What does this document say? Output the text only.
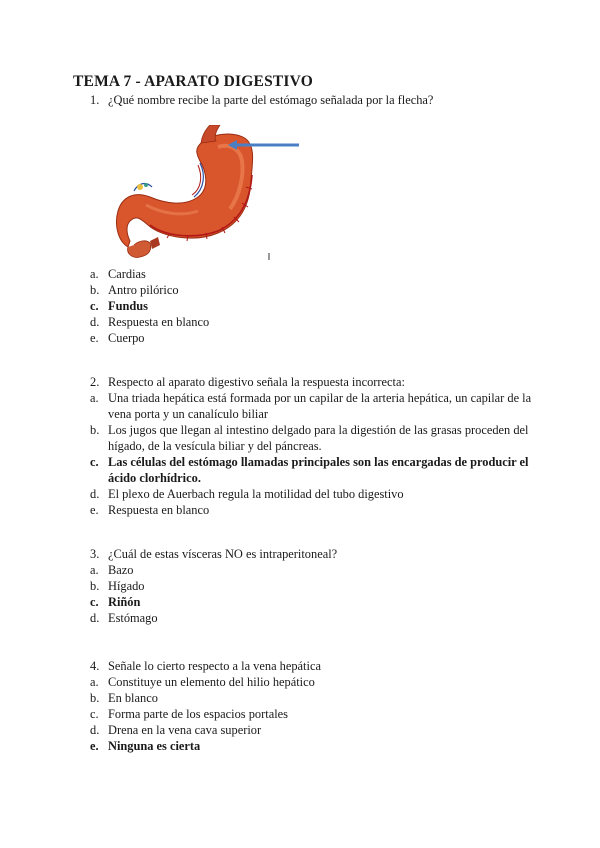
TEMA 7 - APARATO DIGESTIVO
1. ¿Qué nombre recibe la parte del estómago señalada por la flecha?
a. Cardias
b. Antro pilórico
c. Fundus
d. Respuesta en blanco
e. Cuerpo
2. Respecto al aparato digestivo señala la respuesta incorrecta:
a. Una triada hepática está formada por un capilar de la arteria hepática, un capilar de la
vena porta y un canalículo biliar
b. Los jugos que llegan al intestino delgado para la digestión de las grasas proceden del
hígado, de la vesícula biliar y del páncreas.
c. Las células del estómago llamadas principales son las encargadas de producir el
ácido clorhídrico.
d. El plexo de Auerbach regula la motilidad del tubo digestivo
e. Respuesta en blanco
3. ¿Cuál de estas vísceras NO es intraperitoneal?
a. Bazo
b. Hígado
c. Riñón
d. Estómago
4. Señale lo cierto respecto a la vena hepática
a. Constituye un elemento del hilio hepático
b. En blanco
c. Forma parte de los espacios portales
d. Drena en la vena cava superior
e. Ninguna es cierta
